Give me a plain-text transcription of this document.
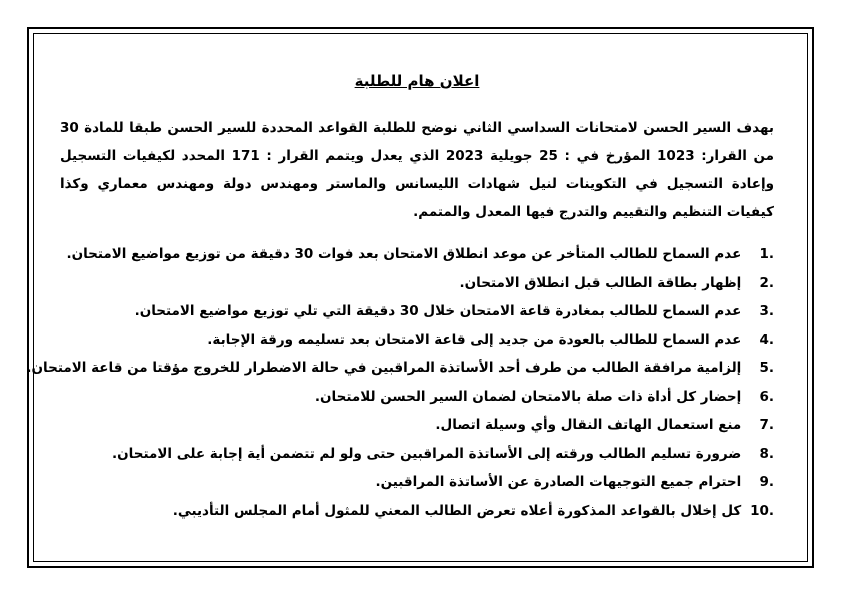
اعلان هام للطلبة

بهدف السير الحسن لامتحانات السداسي الثاني نوضح للطلبة القواعد المحددة للسير الحسن طبقا للمادة 30 من القرار: 1023 المؤرخ في : 25 جويلية 2023 الذي يعدل ويتمم القرار : 171 المحدد لكيفيات التسجيل وإعادة التسجيل في التكوينات لنيل شهادات الليسانس والماستر ومهندس دولة ومهندس معماري وكذا كيفيات التنظيم والتقييم والتدرج فيها المعدل والمتمم.

1. عدم السماح للطالب المتأخر عن موعد انطلاق الامتحان بعد فوات 30 دقيقة من توزيع مواضيع الامتحان.
2. إظهار بطاقة الطالب قبل انطلاق الامتحان.
3. عدم السماح للطالب بمغادرة قاعة الامتحان خلال 30 دقيقة التي تلي توزيع مواضيع الامتحان.
4. عدم السماح للطالب بالعودة من جديد إلى قاعة الامتحان بعد تسليمه ورقة الإجابة.
5. إلزامية مرافقة الطالب من طرف أحد الأساتذة المراقبين في حالة الاضطرار للخروج مؤقتا من قاعة الامتحان.
6. إحضار كل أداة ذات صلة بالامتحان لضمان السير الحسن للامتحان.
7. منع استعمال الهاتف النقال وأي وسيلة اتصال.
8. ضرورة تسليم الطالب ورقته إلى الأساتذة المراقبين حتى ولو لم تتضمن أية إجابة على الامتحان.
9. احترام جميع التوجيهات الصادرة عن الأساتذة المراقبين.
10. كل إخلال بالقواعد المذكورة أعلاه تعرض الطالب المعني للمثول أمام المجلس التأديبي.
